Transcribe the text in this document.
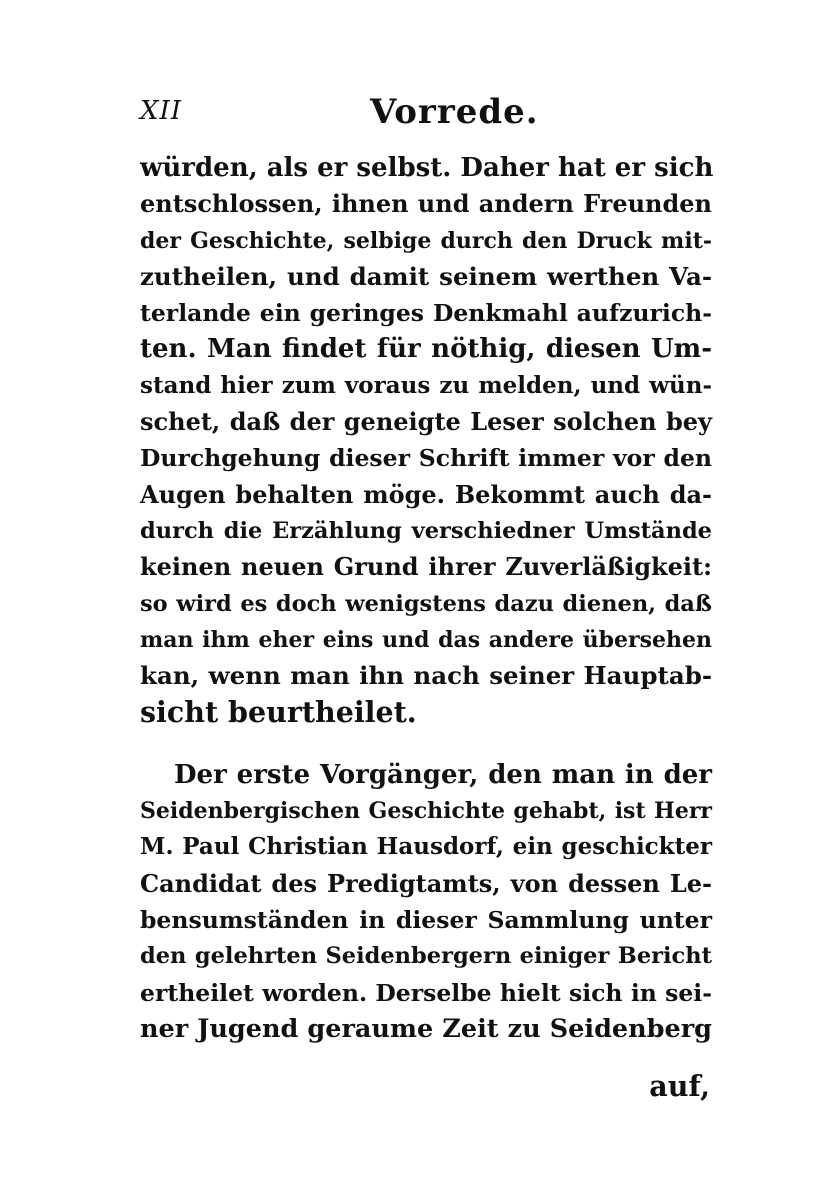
XII	Vorrede.
würden, als er selbst. Daher hat er sich
entschlossen, ihnen und andern Freunden
der Geschichte, selbige durch den Druck mit-
zutheilen, und damit seinem werthen Va-
terlande ein geringes Denkmahl aufzurich-
ten. Man findet für nöthig, diesen Um-
stand hier zum voraus zu melden, und wün-
schet, daß der geneigte Leser solchen bey
Durchgehung dieser Schrift immer vor den
Augen behalten möge. Bekommt auch da-
durch die Erzählung verschiedner Umstände
keinen neuen Grund ihrer Zuverläßigkeit:
so wird es doch wenigstens dazu dienen, daß
man ihm eher eins und das andere übersehen
kan, wenn man ihn nach seiner Hauptab-
sicht beurtheilet.
Der erste Vorgänger, den man in der
Seidenbergischen Geschichte gehabt, ist Herr
M. Paul Christian Hausdorf, ein geschickter
Candidat des Predigtamts, von dessen Le-
bensumständen in dieser Sammlung unter
den gelehrten Seidenbergern einiger Bericht
ertheilet worden. Derselbe hielt sich in sei-
ner Jugend geraume Zeit zu Seidenberg
auf,
